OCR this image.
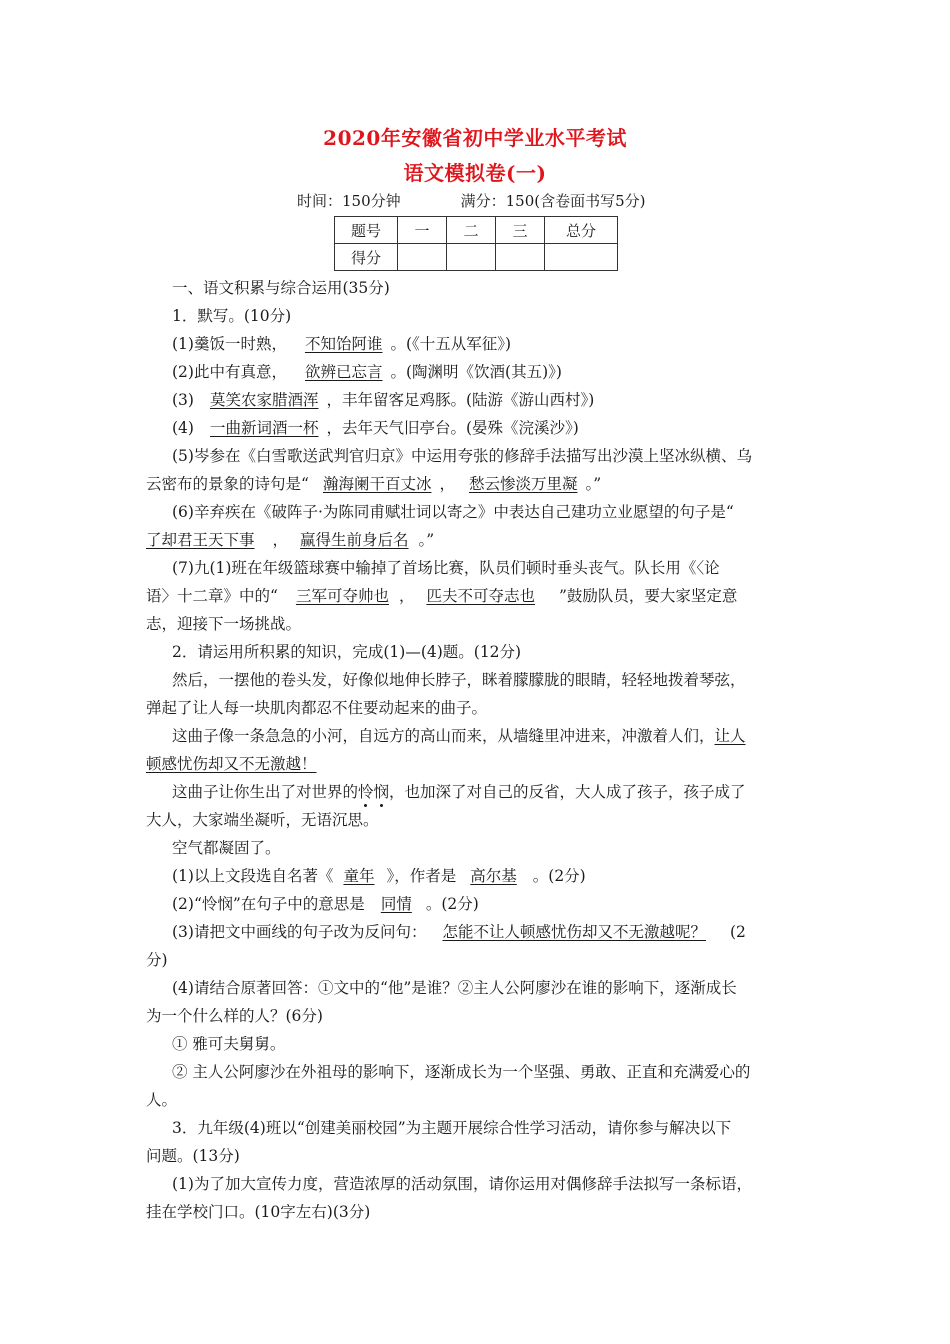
2020年安徽省初中学业水平考试
语文模拟卷(一)
时间：150分钟	满分：150(含卷面书写5分)
题号	一	二	三	总分
得分				
一、语文积累与综合运用(35分)
1．默写。(10分)
(1)羹饭一时熟， 不知饴阿谁 。(《十五从军征》)
(2)此中有真意， 欲辨已忘言 。(陶渊明《饮酒(其五)》)
(3) 莫笑农家腊酒浑 ，丰年留客足鸡豚。(陆游《游山西村》)
(4) 一曲新词酒一杯 ，去年天气旧亭台。(晏殊《浣溪沙》)
(5)岑参在《白雪歌送武判官归京》中运用夸张的修辞手法描写出沙漠上坚冰纵横、乌
云密布的景象的诗句是“ 瀚海阑干百丈冰 ， 愁云惨淡万里凝 。”
(6)辛弃疾在《破阵子·为陈同甫赋壮词以寄之》中表达自己建功立业愿望的句子是“
了却君王天下事 ， 赢得生前身后名 。”
(7)九(1)班在年级篮球赛中输掉了首场比赛，队员们顿时垂头丧气。队长用《〈论
语〉十二章》中的“ 三军可夺帅也 ， 匹夫不可夺志也 ”鼓励队员，要大家坚定意
志，迎接下一场挑战。
2．请运用所积累的知识，完成(1)—(4)题。(12分)
然后，一摆他的卷头发，好像似地伸长脖子，眯着朦朦胧的眼睛，轻轻地拨着琴弦，
弹起了让人每一块肌肉都忍不住要动起来的曲子。
这曲子像一条急急的小河，自远方的高山而来，从墙缝里冲进来，冲激着人们，让人
顿感忧伤却又不无激越！
这曲子让你生出了对世界的怜悯，也加深了对自己的反省，大人成了孩子，孩子成了
大人，大家端坐凝听，无语沉思。
空气都凝固了。
(1)以上文段选自名著《 童年 》，作者是 高尔基 。(2分)
(2)“怜悯”在句子中的意思是 同情 。(2分)
(3)请把文中画线的句子改为反问句： 怎能不让人顿感忧伤却又不无激越呢？ (2
分)
(4)请结合原著回答：①文中的“他”是谁？②主人公阿廖沙在谁的影响下，逐渐成长
为一个什么样的人？(6分)
① 雅可夫舅舅。
② 主人公阿廖沙在外祖母的影响下，逐渐成长为一个坚强、勇敢、正直和充满爱心的
人。
3．九年级(4)班以“创建美丽校园”为主题开展综合性学习活动，请你参与解决以下
问题。(13分)
(1)为了加大宣传力度，营造浓厚的活动氛围，请你运用对偶修辞手法拟写一条标语，
挂在学校门口。(10字左右)(3分)
